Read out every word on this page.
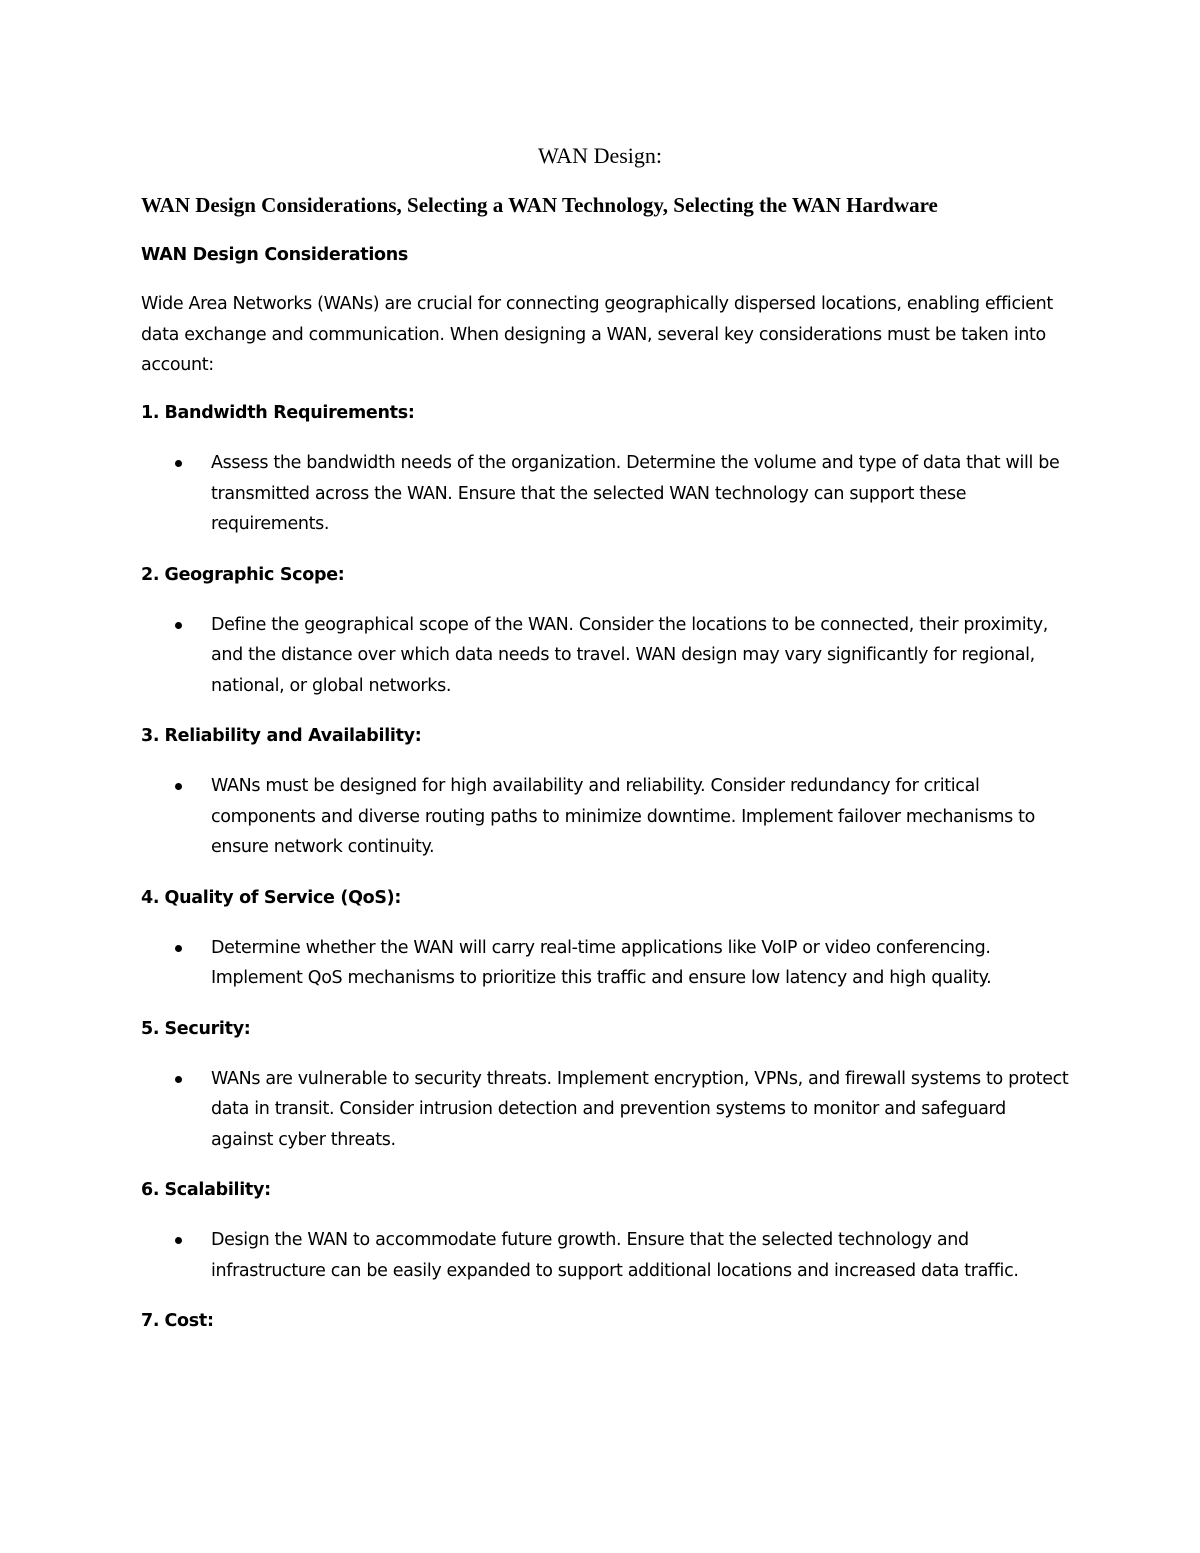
WAN Design:
WAN Design Considerations, Selecting a WAN Technology, Selecting the WAN Hardware
WAN Design Considerations
Wide Area Networks (WANs) are crucial for connecting geographically dispersed locations, enabling efficient data exchange and communication. When designing a WAN, several key considerations must be taken into account:
1. Bandwidth Requirements:
Assess the bandwidth needs of the organization. Determine the volume and type of data that will be transmitted across the WAN. Ensure that the selected WAN technology can support these requirements.
2. Geographic Scope:
Define the geographical scope of the WAN. Consider the locations to be connected, their proximity, and the distance over which data needs to travel. WAN design may vary significantly for regional, national, or global networks.
3. Reliability and Availability:
WANs must be designed for high availability and reliability. Consider redundancy for critical components and diverse routing paths to minimize downtime. Implement failover mechanisms to ensure network continuity.
4. Quality of Service (QoS):
Determine whether the WAN will carry real-time applications like VoIP or video conferencing. Implement QoS mechanisms to prioritize this traffic and ensure low latency and high quality.
5. Security:
WANs are vulnerable to security threats. Implement encryption, VPNs, and firewall systems to protect data in transit. Consider intrusion detection and prevention systems to monitor and safeguard against cyber threats.
6. Scalability:
Design the WAN to accommodate future growth. Ensure that the selected technology and infrastructure can be easily expanded to support additional locations and increased data traffic.
7. Cost:
